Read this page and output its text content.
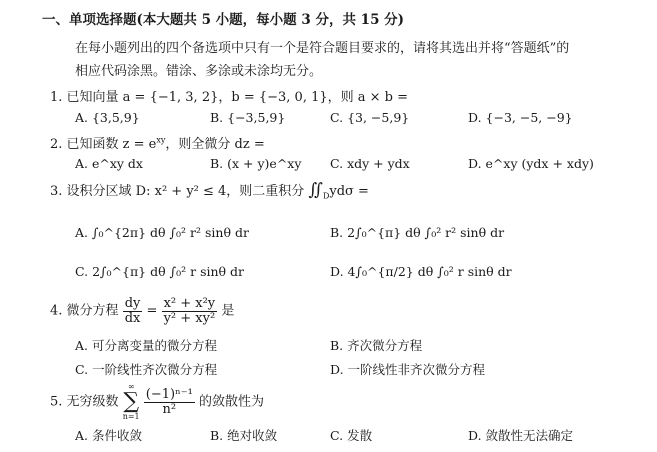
一、单项选择题(本大题共 5 小题，每小题 3 分，共 15 分)
在每小题列出的四个备选项中只有一个是符合题目要求的，请将其选出并将“答题纸”的
相应代码涂黑。错涂、多涂或未涂均无分。
1. 已知向量 a = {−1, 3, 2}，b = {−3, 0, 1}，则 a × b =
A. {3,5,9}	B. {−3,5,9}	C. {3, −5,9}	D. {−3, −5, −9}
2. 已知函数 $z = e^{xy}$，则全微分 dz =
A. e^xy dx	B. (x + y)e^xy C. xdy + ydx	D. e^xy (ydx + xdy)
3. 设积分区域 D: x² + y² ≤ 4，则二重积分 $∬_Dyd\sigma$ =
A. ∫₀^{2π} dθ ∫₀² r² sinθ dr	B. 2∫₀^{π} dθ ∫₀² r² sinθ dr
C. 2∫₀^{π} dθ ∫₀² r sinθ dr	D. 4∫₀^{π/2} dθ ∫₀² r sinθ dr
4. 微分方程 $\frac{dy}{dx} = \frac{\text{x² + x²y}}{\text{y² + xy²}}$ 是
A. 可分离变量的微分方程	B. 齐次微分方程
C. 一阶线性齐次微分方程	D. 一阶线性非齐次微分方程
5. 无穷级数
∞
∑
n=1

$\frac{\text{(−1)ⁿ⁻¹}}{\text{n²}}$ 的敛散性为
A. 条件收敛	B. 绝对收敛	C. 发散	D. 敛散性无法确定
